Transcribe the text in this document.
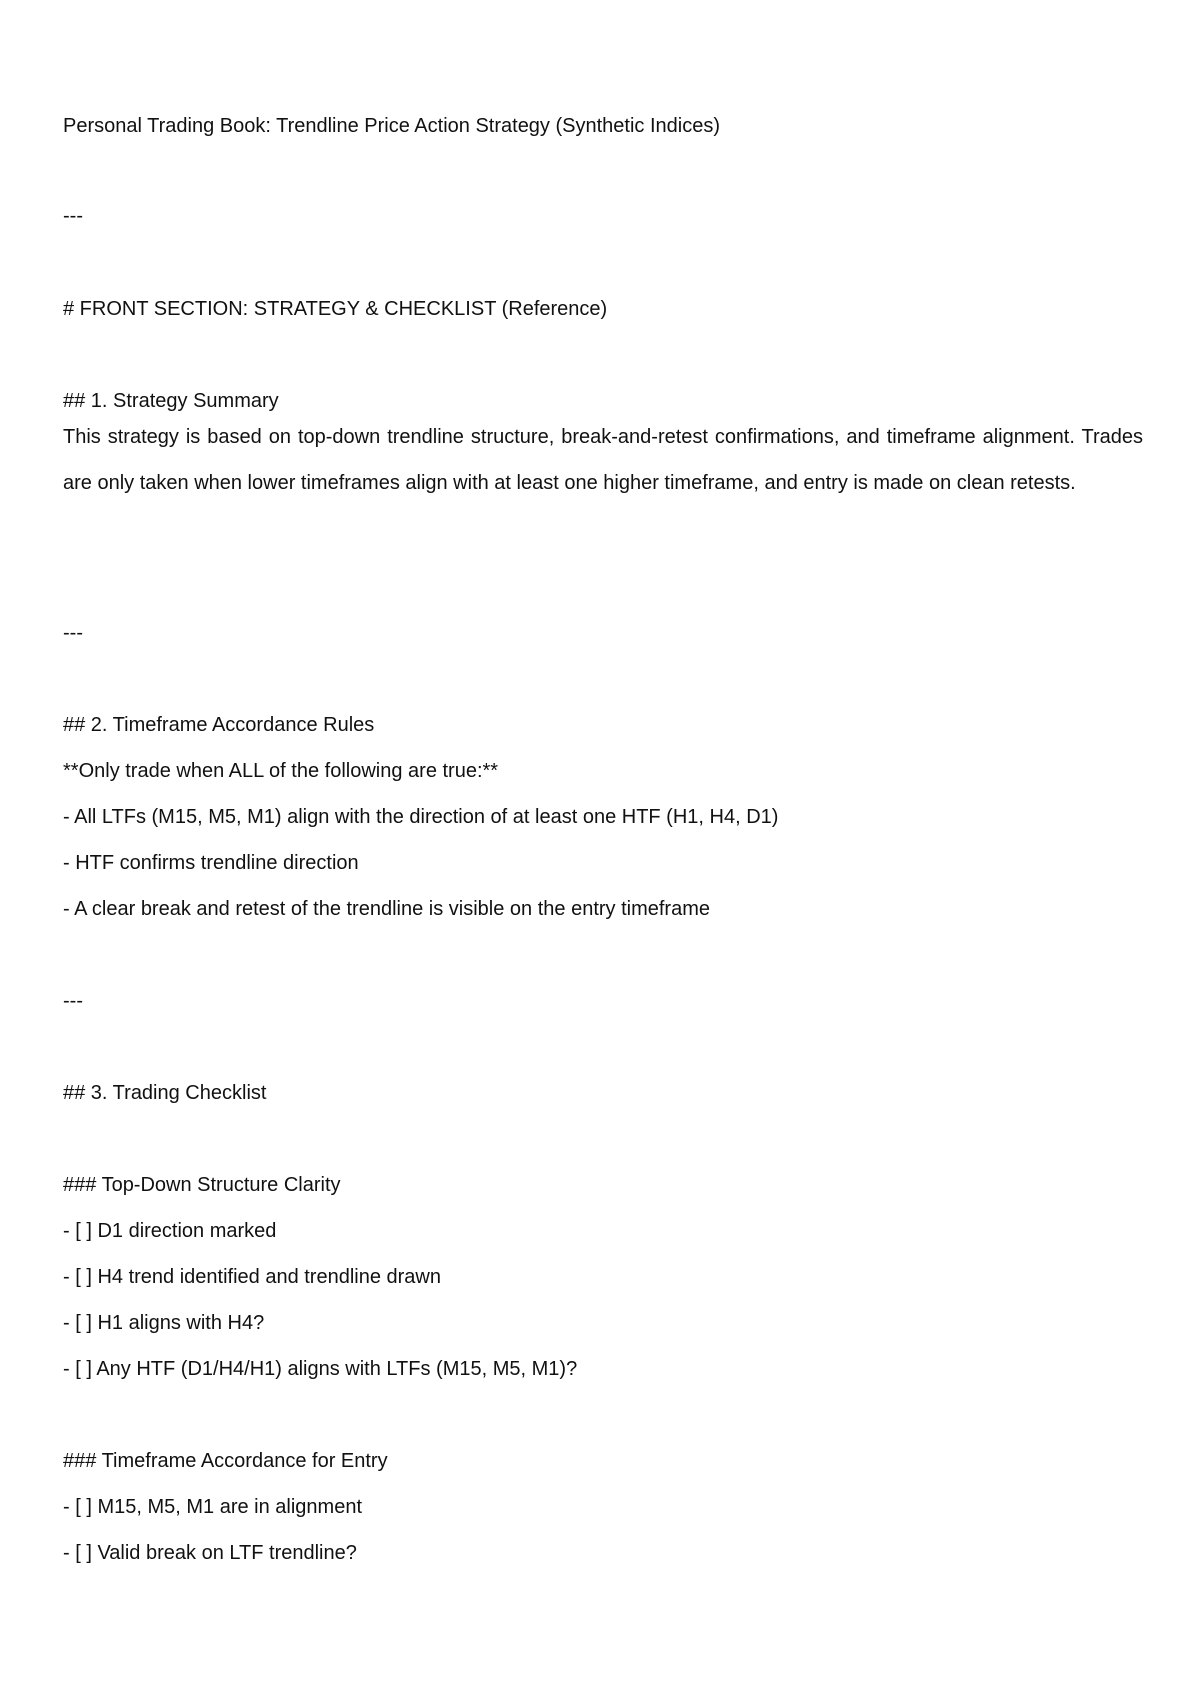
Personal Trading Book: Trendline Price Action Strategy (Synthetic Indices)
---
# FRONT SECTION: STRATEGY & CHECKLIST (Reference)
## 1. Strategy Summary
This strategy is based on top-down trendline structure, break-and-retest confirmations, and timeframe alignment. Trades are only taken when lower timeframes align with at least one higher timeframe, and entry is made on clean retests.
---
## 2. Timeframe Accordance Rules
**Only trade when ALL of the following are true:**
- All LTFs (M15, M5, M1) align with the direction of at least one HTF (H1, H4, D1)
- HTF confirms trendline direction
- A clear break and retest of the trendline is visible on the entry timeframe
---
## 3. Trading Checklist
### Top-Down Structure Clarity
- [ ] D1 direction marked
- [ ] H4 trend identified and trendline drawn
- [ ] H1 aligns with H4?
- [ ] Any HTF (D1/H4/H1) aligns with LTFs (M15, M5, M1)?
### Timeframe Accordance for Entry
- [ ] M15, M5, M1 are in alignment
- [ ] Valid break on LTF trendline?
